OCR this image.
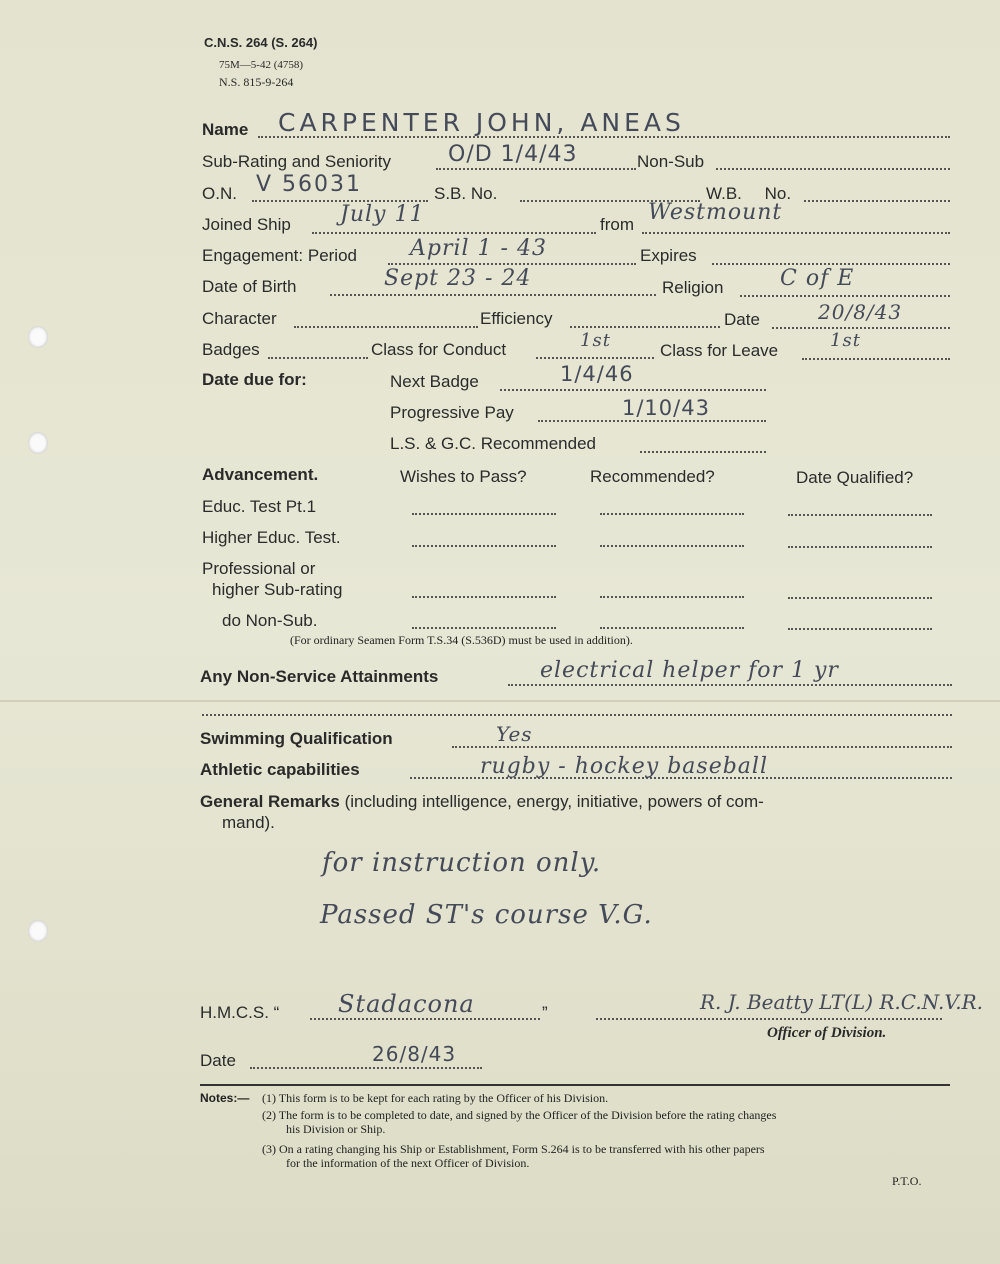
C.N.S. 264 (S. 264)
75M—5-42 (4758)
N.S. 815-9-264
Name CARPENTER JOHN, ANEAS
Sub-Rating and Seniority	O/D 1/4/43	Non-Sub
O.N. V 56031	S.B. No.	W.B. No.
Joined Ship July 11	from Westmount
Engagement: Period April 1 - 43	Expires
Date of Birth	Sept 23 - 24	Religion	C of E
Character	Efficiency	Date	20/8/43
Badges	Class for Conduct	1st	Class for Leave	1st
Date due for:	Next Badge	1/4/46
Progressive Pay	1/10/43
L.S. & G.C. Recommended
Advancement.	Wishes to Pass?	Recommended?	Date Qualified?
Educ. Test Pt.1
Higher Educ. Test.
Professional or
higher Sub-rating
do Non-Sub.
(For ordinary Seamen Form T.S.34 (S.536D) must be used in addition).
Any Non-Service Attainments	electrical helper for 1 yr
Swimming Qualification	Yes
Athletic capabilities	rugby - hockey baseball
General Remarks (including intelligence, energy, initiative, powers of com-
mand).
for instruction only.
Passed ST's course V.G.
H.M.C.S. “ Stadacona	”	R. J. Beatty LT(L) R.C.N.V.R.
Officer of Division.
Date	26/8/43
Notes:— (1) This form is to be kept for each rating by the Officer of his Division.
(2) The form is to be completed to date, and signed by the Officer of the Division before the rating changes
his Division or Ship.
(3) On a rating changing his Ship or Establishment, Form S.264 is to be transferred with his other papers
for the information of the next Officer of Division.
P.T.O.
